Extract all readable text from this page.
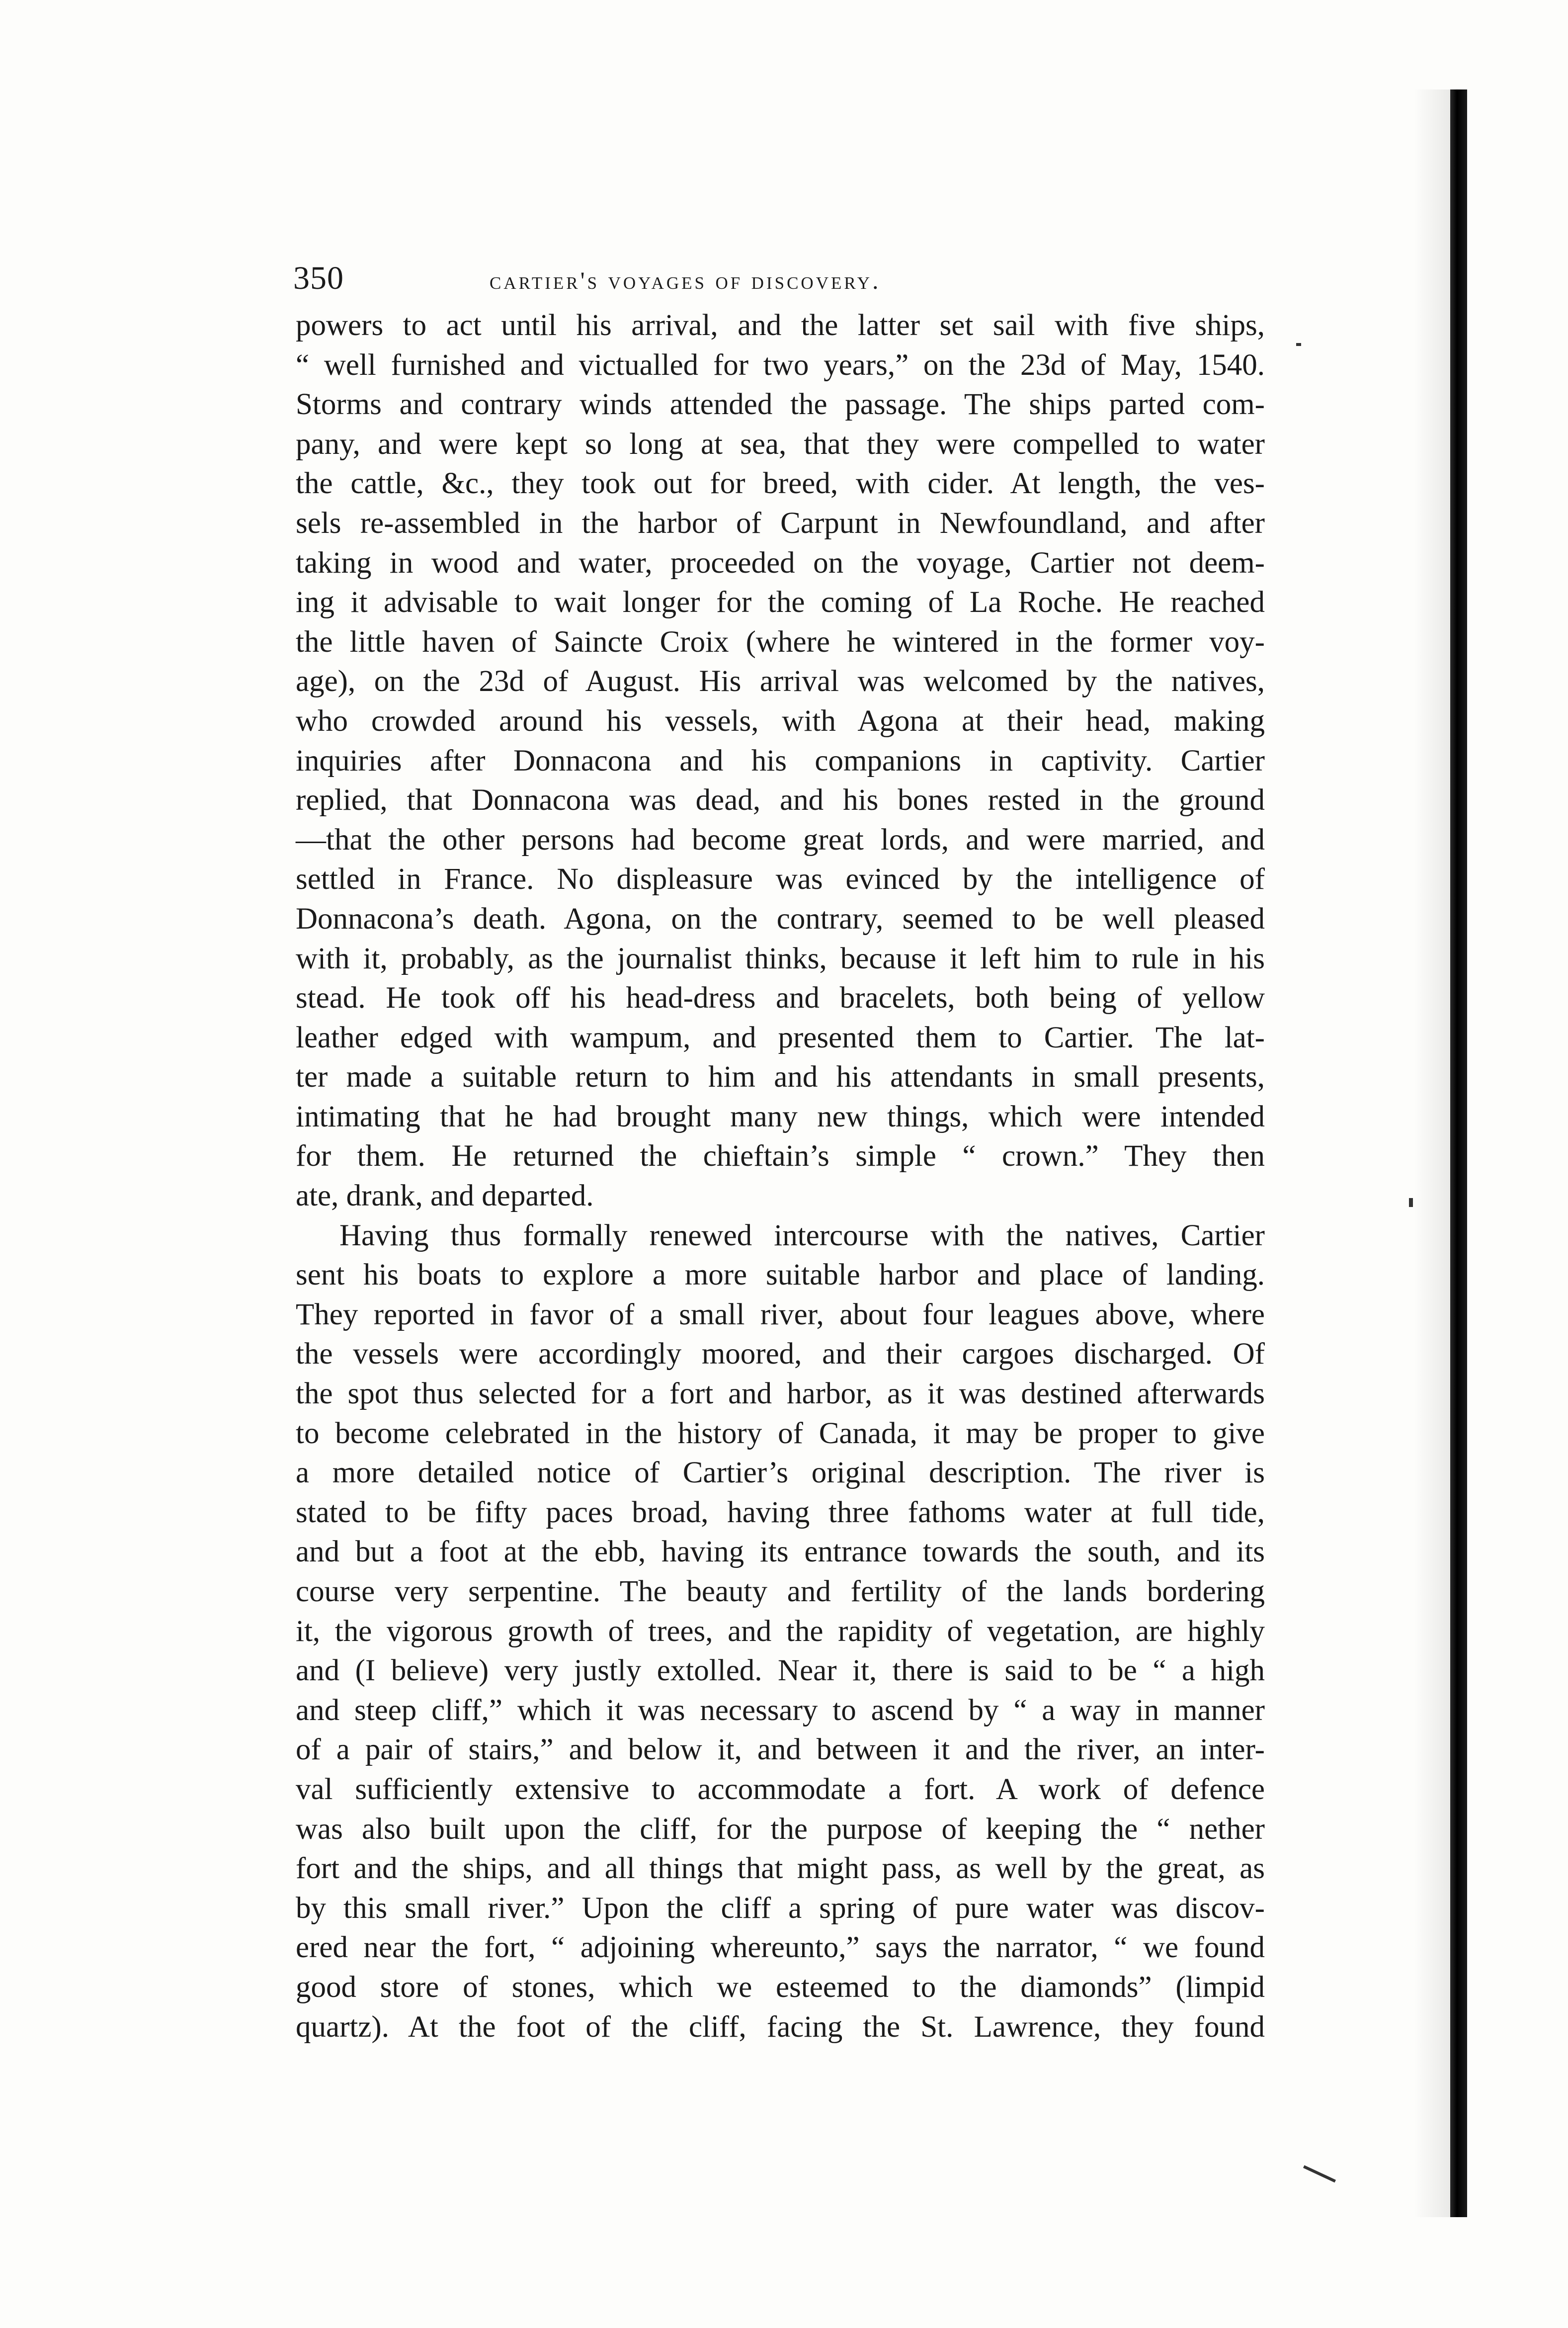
350	cartier's voyages of discovery.
powers to act until his arrival, and the latter set sail with five ships,
“ well furnished and victualled for two years,” on the 23d of May, 1540.
Storms and contrary winds attended the passage. The ships parted com-
pany, and were kept so long at sea, that they were compelled to water
the cattle, &c., they took out for breed, with cider. At length, the ves-
sels re-assembled in the harbor of Carpunt in Newfoundland, and after
taking in wood and water, proceeded on the voyage, Cartier not deem-
ing it advisable to wait longer for the coming of La Roche. He reached
the little haven of Saincte Croix (where he wintered in the former voy-
age), on the 23d of August. His arrival was welcomed by the natives,
who crowded around his vessels, with Agona at their head, making
inquiries after Donnacona and his companions in captivity. Cartier
replied, that Donnacona was dead, and his bones rested in the ground
—that the other persons had become great lords, and were married, and
settled in France. No displeasure was evinced by the intelligence of
Donnacona’s death. Agona, on the contrary, seemed to be well pleased
with it, probably, as the journalist thinks, because it left him to rule in his
stead. He took off his head-dress and bracelets, both being of yellow
leather edged with wampum, and presented them to Cartier. The lat-
ter made a suitable return to him and his attendants in small presents,
intimating that he had brought many new things, which were intended
for them. He returned the chieftain’s simple “ crown.” They then
ate, drank, and departed.
Having thus formally renewed intercourse with the natives, Cartier
sent his boats to explore a more suitable harbor and place of landing.
They reported in favor of a small river, about four leagues above, where
the vessels were accordingly moored, and their cargoes discharged. Of
the spot thus selected for a fort and harbor, as it was destined afterwards
to become celebrated in the history of Canada, it may be proper to give
a more detailed notice of Cartier’s original description. The river is
stated to be fifty paces broad, having three fathoms water at full tide,
and but a foot at the ebb, having its entrance towards the south, and its
course very serpentine. The beauty and fertility of the lands bordering
it, the vigorous growth of trees, and the rapidity of vegetation, are highly
and (I believe) very justly extolled. Near it, there is said to be “ a high
and steep cliff,” which it was necessary to ascend by “ a way in manner
of a pair of stairs,” and below it, and between it and the river, an inter-
val sufficiently extensive to accommodate a fort. A work of defence
was also built upon the cliff, for the purpose of keeping the “ nether
fort and the ships, and all things that might pass, as well by the great, as
by this small river.” Upon the cliff a spring of pure water was discov-
ered near the fort, “ adjoining whereunto,” says the narrator, “ we found
good store of stones, which we esteemed to the diamonds” (limpid
quartz). At the foot of the cliff, facing the St. Lawrence, they found
